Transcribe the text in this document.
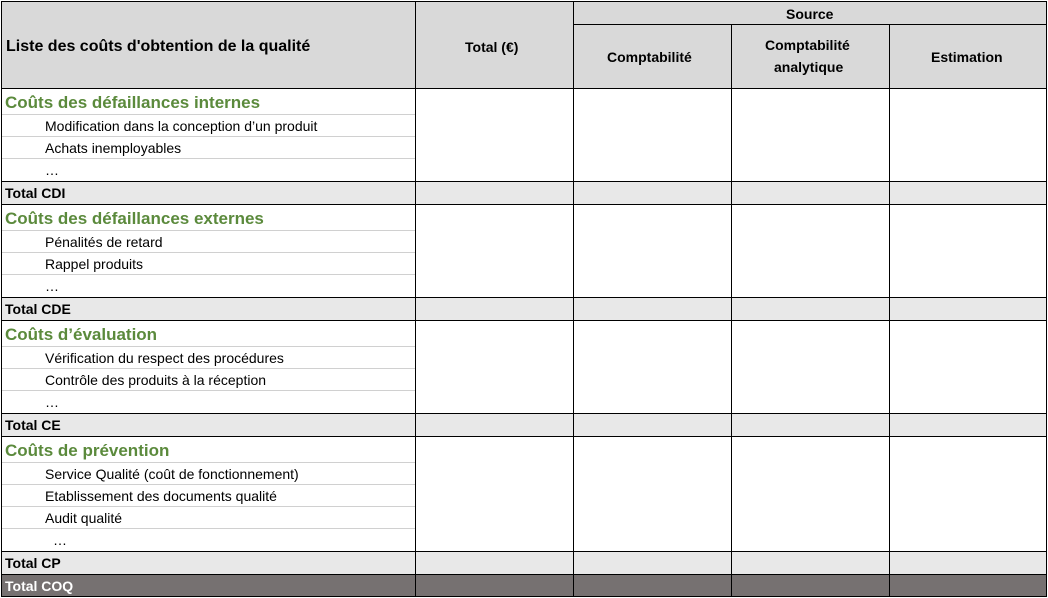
Liste des coûts d'obtention de la qualité	Total (€)
Source
Comptabilité
Comptabilité
analytique
Estimation
Coûts des défaillances internes
Modification dans la conception d’un produit
Achats inemployables
…
Total CDI
Coûts des défaillances externes
Pénalités de retard
Rappel produits
…
Total CDE
Coûts d’évaluation
Vérification du respect des procédures
Contrôle des produits à la réception
…
Total CE
Coûts de prévention
Service Qualité (coût de fonctionnement)
Etablissement des documents qualité
Audit qualité
…
Total CP
Total COQ
